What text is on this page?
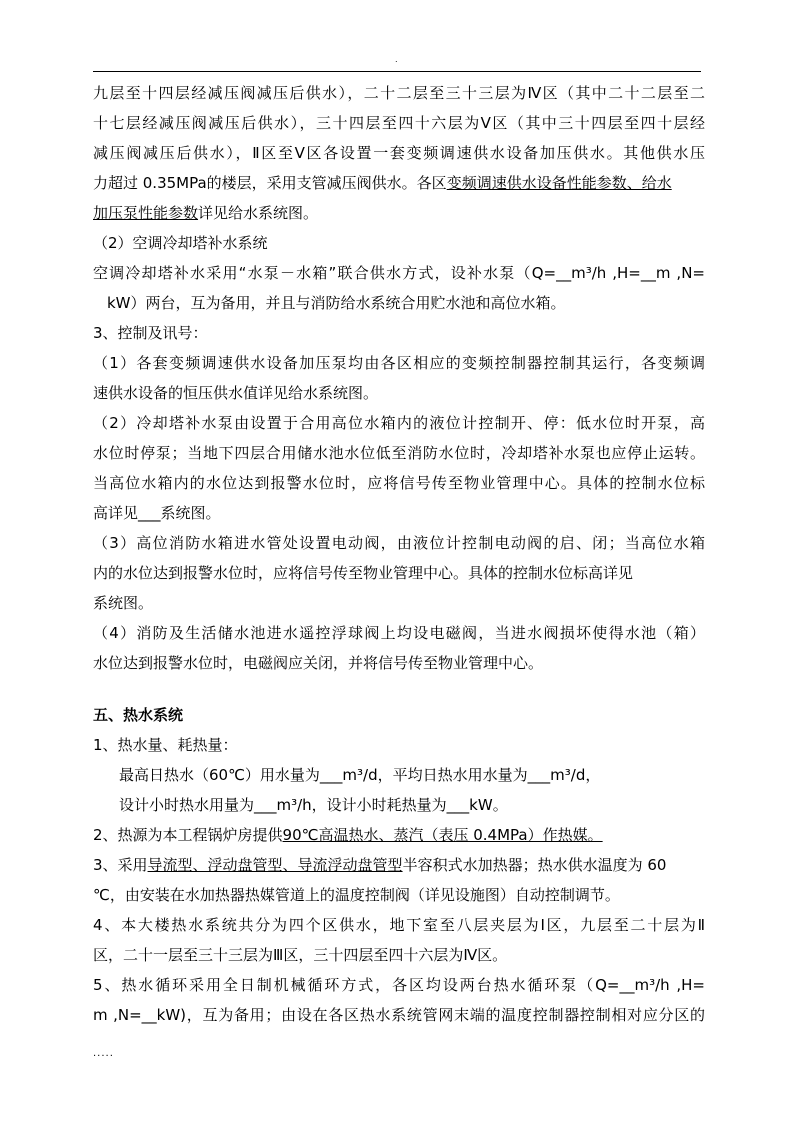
.
九层至十四层经减压阀减压后供水），二十二层至三十三层为Ⅳ区（其中二十二层至二
十七层经减压阀减压后供水），三十四层至四十六层为Ⅴ区（其中三十四层至四十层经
减压阀减压后供水），Ⅱ区至Ⅴ区各设置一套变频调速供水设备加压供水。其他供水压
力超过 0.35MPa的楼层，采用支管减压阀供水。各区变频调速供水设备性能参数、给水
加压泵性能参数详见给水系统图。
（2）空调冷却塔补水系统
空调冷却塔补水采用“水泵－水箱”联合供水方式，设补水泵（Q=__m³/h ,H=__m ,N=
kW）两台，互为备用，并且与消防给水系统合用贮水池和高位水箱。
3、控制及讯号：
（1）各套变频调速供水设备加压泵均由各区相应的变频控制器控制其运行，各变频调
速供水设备的恒压供水值详见给水系统图。
（2）冷却塔补水泵由设置于合用高位水箱内的液位计控制开、停：低水位时开泵，高
水位时停泵；当地下四层合用储水池水位低至消防水位时，冷却塔补水泵也应停止运转。
当高位水箱内的水位达到报警水位时，应将信号传至物业管理中心。具体的控制水位标
高详见___系统图。
（3）高位消防水箱进水管处设置电动阀，由液位计控制电动阀的启、闭；当高位水箱
内的水位达到报警水位时，应将信号传至物业管理中心。具体的控制水位标高详见
系统图。
（4）消防及生活储水池进水遥控浮球阀上均设电磁阀，当进水阀损坏使得水池（箱）
水位达到报警水位时，电磁阀应关闭，并将信号传至物业管理中心。
五、热水系统
1、热水量、耗热量：
最高日热水（60℃）用水量为___m³/d，平均日热水用水量为___m³/d，
设计小时热水用量为___m³/h，设计小时耗热量为___kW。
2、热源为本工程锅炉房提供90℃高温热水、蒸汽（表压 0.4MPa）作热媒。
3、采用导流型、浮动盘管型、导流浮动盘管型半容积式水加热器；热水供水温度为 60
℃，由安装在水加热器热媒管道上的温度控制阀（详见设施图）自动控制调节。
4、本大楼热水系统共分为四个区供水，地下室至八层夹层为Ⅰ区，九层至二十层为Ⅱ
区，二十一层至三十三层为Ⅲ区，三十四层至四十六层为Ⅳ区。
5、热水循环采用全日制机械循环方式，各区均设两台热水循环泵（Q=__m³/h ,H=
m ,N=__kW)，互为备用；由设在各区热水系统管网末端的温度控制器控制相对应分区的
.....
